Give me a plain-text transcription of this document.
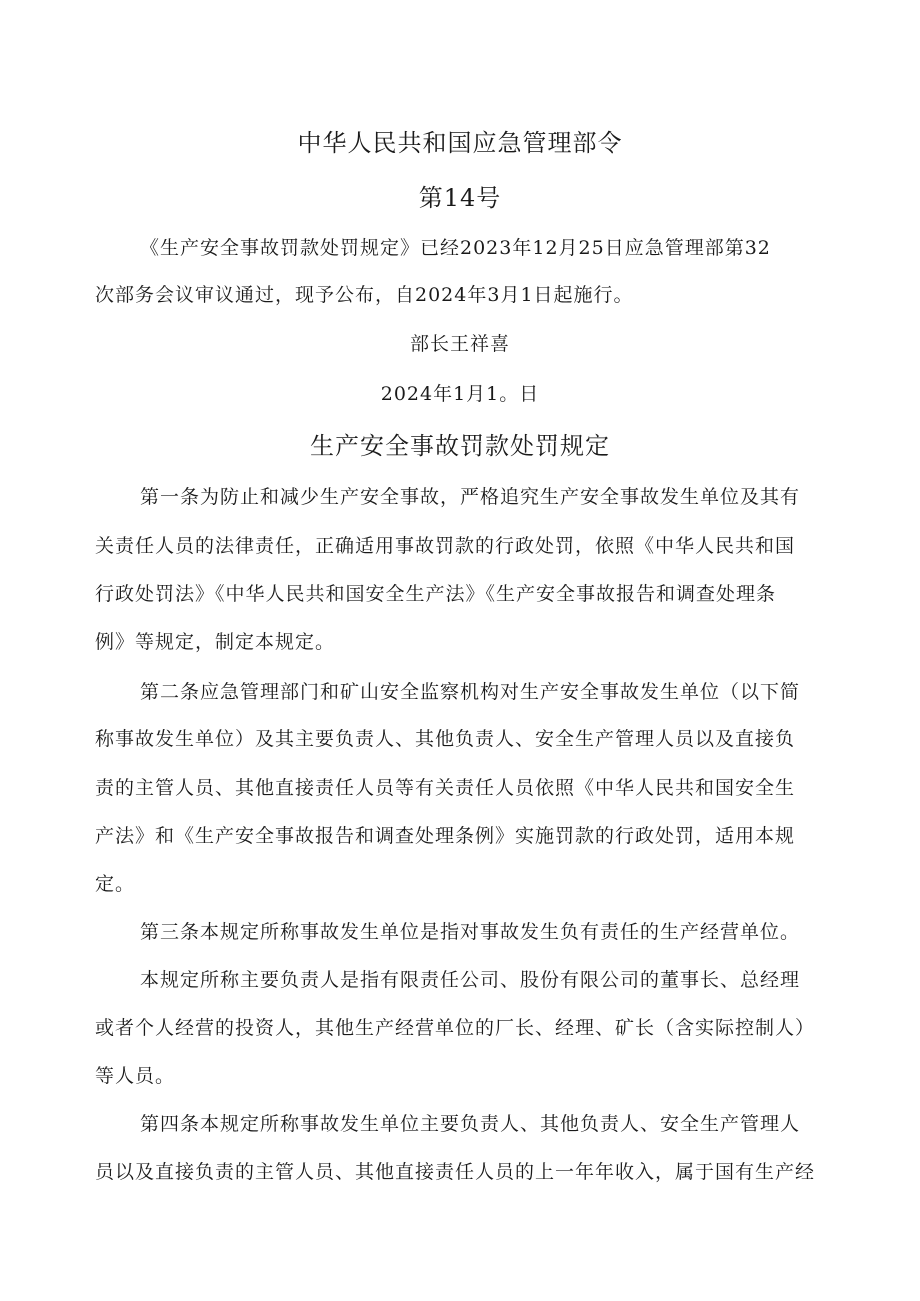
中华人民共和国应急管理部令
第14号
《生产安全事故罚款处罚规定》已经2023年12月25日应急管理部第32
次部务会议审议通过，现予公布，自2024年3月1日起施行。
部长王祥喜
2024年1月1。日
生产安全事故罚款处罚规定
第一条为防止和减少生产安全事故，严格追究生产安全事故发生单位及其有
关责任人员的法律责任，正确适用事故罚款的行政处罚，依照《中华人民共和国
行政处罚法》《中华人民共和国安全生产法》《生产安全事故报告和调查处理条
例》等规定，制定本规定。
第二条应急管理部门和矿山安全监察机构对生产安全事故发生单位（以下简
称事故发生单位）及其主要负责人、其他负责人、安全生产管理人员以及直接负
责的主管人员、其他直接责任人员等有关责任人员依照《中华人民共和国安全生
产法》和《生产安全事故报告和调查处理条例》实施罚款的行政处罚，适用本规
定。
第三条本规定所称事故发生单位是指对事故发生负有责任的生产经营单位。
本规定所称主要负责人是指有限责任公司、股份有限公司的董事长、总经理
或者个人经营的投资人，其他生产经营单位的厂长、经理、矿长（含实际控制人）
等人员。
第四条本规定所称事故发生单位主要负责人、其他负责人、安全生产管理人
员以及直接负责的主管人员、其他直接责任人员的上一年年收入，属于国有生产经
